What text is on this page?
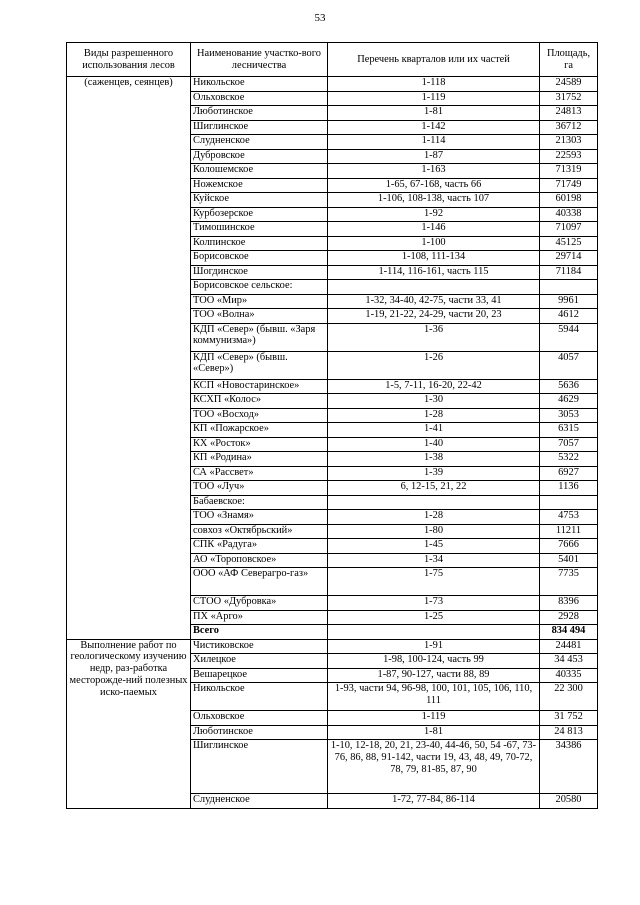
53
Виды разрешенного использования лесов	Наименование участко-вого лесничества	Перечень кварталов или их частей	Площадь, га
(саженцев, сеянцев)	Никольское	1-118	24589
	Ольховское	1-119	31752
	Люботинское	1-81	24813
	Шиглинское	1-142	36712
	Слудненское	1-114	21303
	Дубровское	1-87	22593
	Колошемское	1-163	71319
	Ножемское	1-65, 67-168, часть 66	71749
	Куйское	1-106, 108-138, часть 107	60198
	Курбозерское	1-92	40338
	Тимошинское	1-146	71097
	Колпинское	1-100	45125
	Борисовское	1-108, 111-134	29714
	Шогдинское	1-114, 116-161, часть 115	71184
	Борисовское сельское:		
	ТОО «Мир»	1-32, 34-40, 42-75, части 33, 41	9961
	ТОО «Волна»	1-19, 21-22, 24-29, части 20, 23	4612
	КДП «Север» (бывш. «Заря коммунизма»)	1-36	5944
	КДП «Север» (бывш. «Север»)	1-26	4057
	КСП «Новостаринское»	1-5, 7-11, 16-20, 22-42	5636
	КСХП «Колос»	1-30	4629
	ТОО «Восход»	1-28	3053
	КП «Пожарское»	1-41	6315
	КХ «Росток»	1-40	7057
	КП «Родина»	1-38	5322
	СА «Рассвет»	1-39	6927
	ТОО «Луч»	6, 12-15, 21, 22	1136
	Бабаевское:		
	ТОО «Знамя»	1-28	4753
	совхоз «Октябрьский»	1-80	11211
	СПК «Радуга»	1-45	7666
	АО «Тороповское»	1-34	5401
	ООО «АФ Северагро-газ»	1-75	7735
	СТОО «Дубровка»	1-73	8396
	ПХ «Арго»	1-25	2928
	Всего		834 494
Выполнение работ по геологическому изучению недр, раз-работка месторожде-ний полезных иско-паемых	Чистиковское	1-91	24481
	Хилецкое	1-98, 100-124, часть 99	34 453
	Вешарецкое	1-87, 90-127, части 88, 89	40335
	Никольское	1-93, части 94, 96-98, 100, 101, 105, 106, 110, 111	22 300
	Ольховское	1-119	31 752
	Люботинское	1-81	24 813
	Шиглинское	1-10, 12-18, 20, 21, 23-40, 44-46, 50, 54 -67, 73-76, 86, 88, 91-142, части 19, 43, 48, 49, 70-72, 78, 79, 81-85, 87, 90	34386
	Слудненское	1-72, 77-84, 86-114	20580
